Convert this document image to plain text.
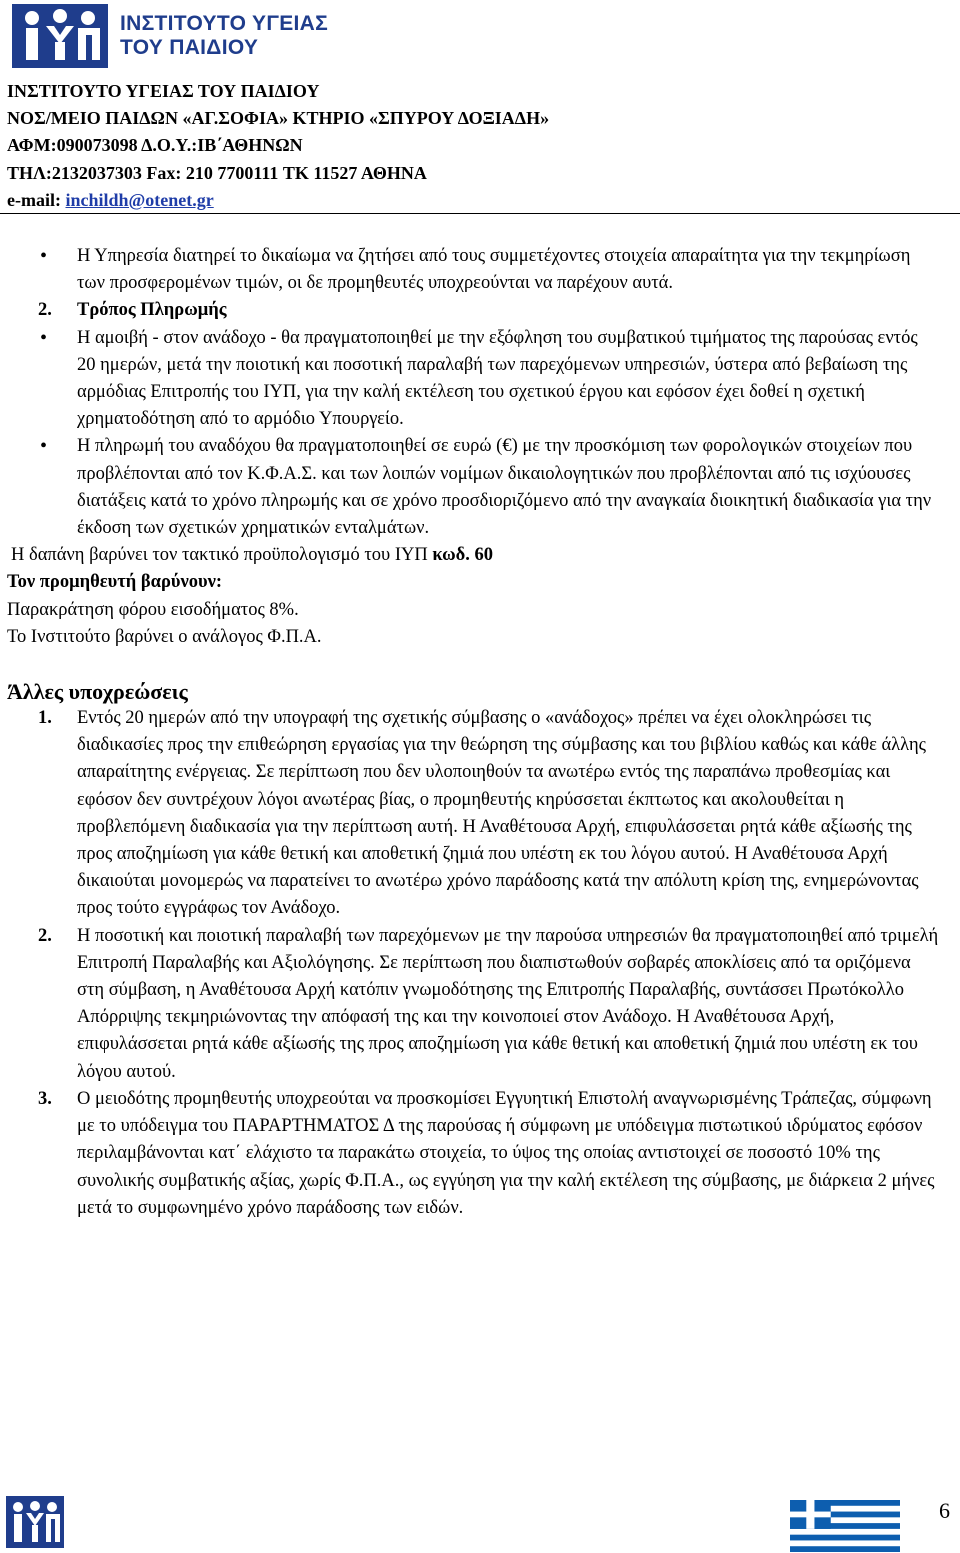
ΙΝΣΤΙΤΟΥΤΟ ΥΓΕΙΑΣ
ΤΟΥ ΠΑΙΔΙΟΥ
ΙΝΣΤΙΤΟΥΤΟ ΥΓΕΙΑΣ ΤΟΥ ΠΑΙΔΙΟΥ
ΝΟΣ/ΜΕΙΟ ΠΑΙΔΩΝ «ΑΓ.ΣΟΦΙΑ» ΚΤΗΡΙΟ «ΣΠΥΡΟΥ ΔΟΞΙΑΔΗ»
ΑΦΜ:090073098 Δ.Ο.Υ.:ΙΒ΄ΑΘΗΝΩΝ
ΤΗΛ:2132037303 Fax: 210 7700111 ΤΚ 11527 ΑΘΗΝΑ
e-mail: inchildh@otenet.gr
• Η Υπηρεσία διατηρεί το δικαίωμα να ζητήσει από τους συμμετέχοντες στοιχεία απαραίτητα για την τεκμηρίωση των προσφερομένων τιμών, οι δε προμηθευτές υποχρεούνται να παρέχουν αυτά.
2. Τρόπος Πληρωμής
• Η αμοιβή - στον ανάδοχο - θα πραγματοποιηθεί με την εξόφληση του συμβατικού τιμήματος της παρούσας εντός 20 ημερών, μετά την ποιοτική και ποσοτική παραλαβή των παρεχόμενων υπηρεσιών, ύστερα από βεβαίωση της αρμόδιας Επιτροπής του ΙΥΠ, για την καλή εκτέλεση του σχετικού έργου και εφόσον έχει δοθεί η σχετική χρηματοδότηση από το αρμόδιο Υπουργείο.
• Η πληρωμή του αναδόχου θα πραγματοποιηθεί σε ευρώ (€) με την προσκόμιση των φορολογικών στοιχείων που προβλέπονται από τον Κ.Φ.Α.Σ. και των λοιπών νομίμων δικαιολογητικών που προβλέπονται από τις ισχύουσες διατάξεις κατά το χρόνο πληρωμής και σε χρόνο προσδιοριζόμενο από την αναγκαία διοικητική διαδικασία για την έκδοση των σχετικών χρηματικών ενταλμάτων.
Η δαπάνη βαρύνει τον τακτικό προϋπολογισμό του ΙΥΠ κωδ. 60
Τον προμηθευτή βαρύνουν:
Παρακράτηση φόρου εισοδήματος 8%.
Το Ινστιτούτο βαρύνει ο ανάλογος Φ.Π.Α.
Άλλες υποχρεώσεις
1. Εντός 20 ημερών από την υπογραφή της σχετικής σύμβασης ο «ανάδοχος» πρέπει να έχει ολοκληρώσει τις διαδικασίες προς την επιθεώρηση εργασίας για την θεώρηση της σύμβασης και του βιβλίου καθώς και κάθε άλλης απαραίτητης ενέργειας. Σε περίπτωση που δεν υλοποιηθούν τα ανωτέρω εντός της παραπάνω προθεσμίας και εφόσον δεν συντρέχουν λόγοι ανωτέρας βίας, ο προμηθευτής κηρύσσεται έκπτωτος και ακολουθείται η προβλεπόμενη διαδικασία για την περίπτωση αυτή. Η Αναθέτουσα Αρχή, επιφυλάσσεται ρητά κάθε αξίωσής της προς αποζημίωση για κάθε θετική και αποθετική ζημιά που υπέστη εκ του λόγου αυτού. Η Αναθέτουσα Αρχή δικαιούται μονομερώς να παρατείνει το ανωτέρω χρόνο παράδοσης κατά την απόλυτη κρίση της, ενημερώνοντας προς τούτο εγγράφως τον Ανάδοχο.
2. Η ποσοτική και ποιοτική παραλαβή των παρεχόμενων με την παρούσα υπηρεσιών θα πραγματοποιηθεί από τριμελή Επιτροπή Παραλαβής και Αξιολόγησης. Σε περίπτωση που διαπιστωθούν σοβαρές αποκλίσεις από τα οριζόμενα στη σύμβαση, η Αναθέτουσα Αρχή κατόπιν γνωμοδότησης της Επιτροπής Παραλαβής, συντάσσει Πρωτόκολλο Απόρριψης τεκμηριώνοντας την απόφασή της και την κοινοποιεί στον Ανάδοχο. Η Αναθέτουσα Αρχή, επιφυλάσσεται ρητά κάθε αξίωσής της προς αποζημίωση για κάθε θετική και αποθετική ζημιά που υπέστη εκ του λόγου αυτού.
3. Ο μειοδότης προμηθευτής υποχρεούται να προσκομίσει Εγγυητική Επιστολή αναγνωρισμένης Τράπεζας, σύμφωνη με το υπόδειγμα του ΠΑΡΑΡΤΗΜΑΤΟΣ Δ της παρούσας ή σύμφωνη με υπόδειγμα πιστωτικού ιδρύματος εφόσον περιλαμβάνονται κατ΄ ελάχιστο τα παρακάτω στοιχεία, το ύψος της οποίας αντιστοιχεί σε ποσοστό 10% της συνολικής συμβατικής αξίας, χωρίς Φ.Π.Α., ως εγγύηση για την καλή εκτέλεση της σύμβασης, με διάρκεια 2 μήνες μετά το συμφωνημένο χρόνο παράδοσης των ειδών.
6
